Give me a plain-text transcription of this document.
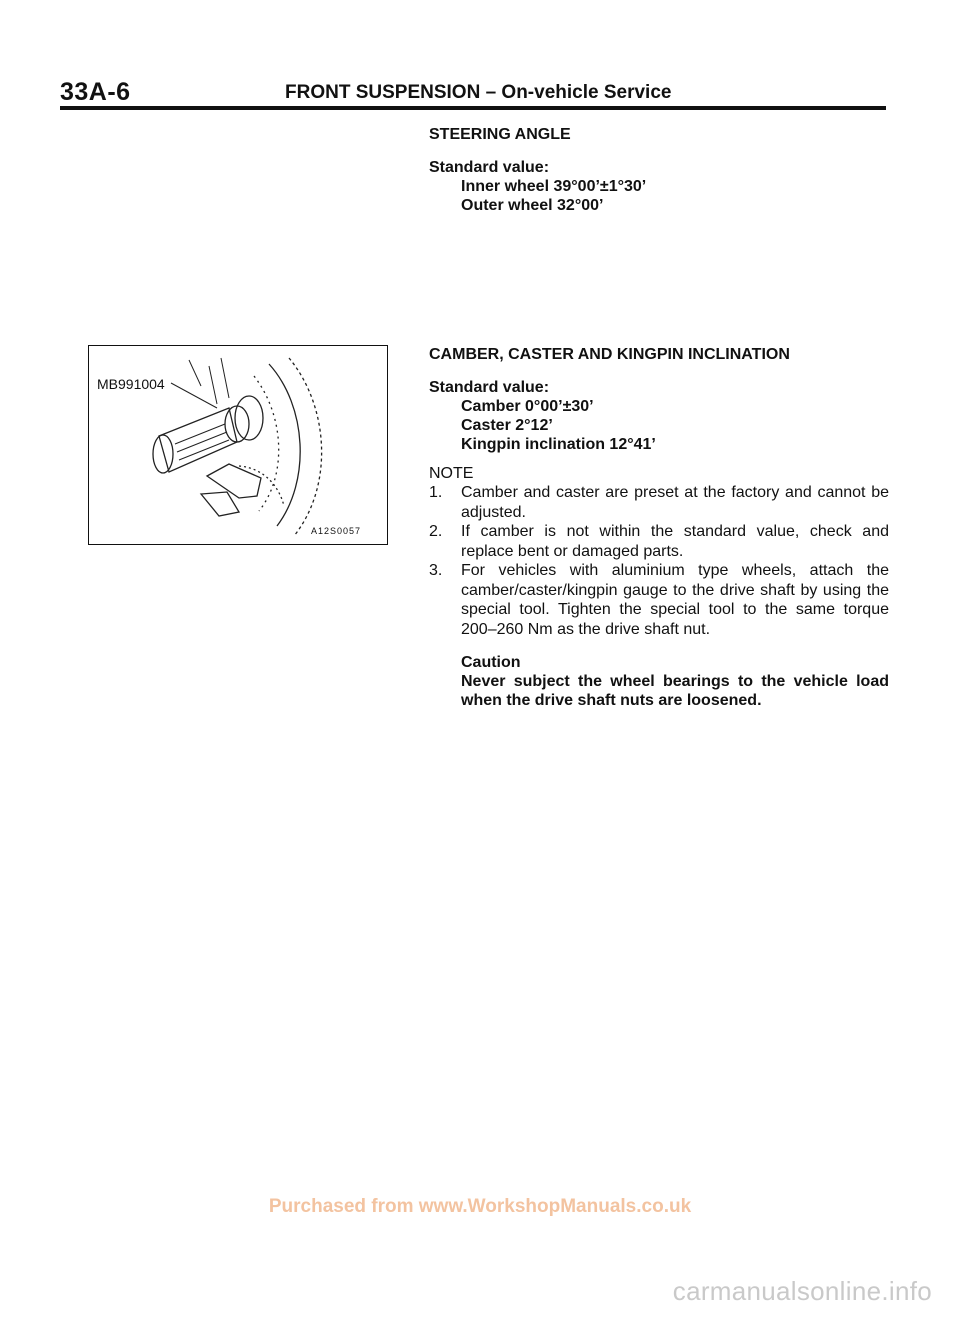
33A-6	FRONT SUSPENSION – On-vehicle Service
STEERING ANGLE
Standard value:
Inner wheel 39°00’±1°30’
Outer wheel 32°00’
CAMBER, CASTER AND KINGPIN INCLINATION
Standard value:
Camber 0°00’±30’
Caster 2°12’
Kingpin inclination 12°41’
NOTE
1.	Camber and caster are preset at the factory and cannot be adjusted.
2.	If camber is not within the standard value, check and replace bent or damaged parts.
3.	For vehicles with aluminium type wheels, attach the camber/caster/kingpin gauge to the drive shaft by using the special tool. Tighten the special tool to the same torque 200–260 Nm as the drive shaft nut.
Caution
Never subject the wheel bearings to the vehicle load when the drive shaft nuts are loosened.
MB991004
A12S0057
Purchased from www.WorkshopManuals.co.uk
carmanualsonline.info
